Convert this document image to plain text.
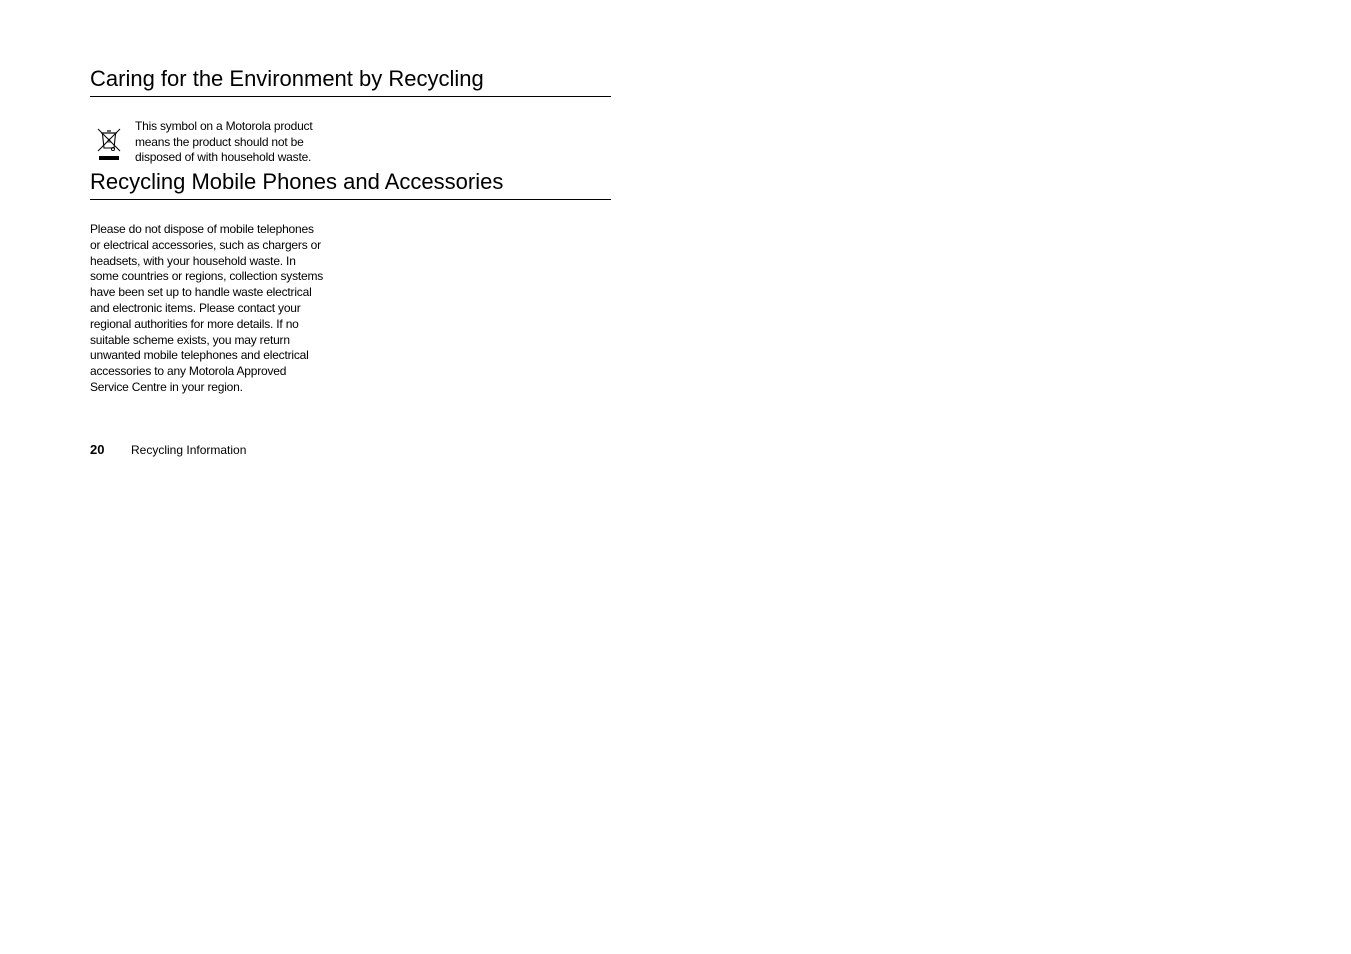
Caring for the Environment by Recycling
This symbol on a Motorola product
means the product should not be
disposed of with household waste.
Recycling Mobile Phones and Accessories
Please do not dispose of mobile telephones
or electrical accessories, such as chargers or
headsets, with your household waste. In
some countries or regions, collection systems
have been set up to handle waste electrical
and electronic items. Please contact your
regional authorities for more details. If no
suitable scheme exists, you may return
unwanted mobile telephones and electrical
accessories to any Motorola Approved
Service Centre in your region.
20 Recycling Information
